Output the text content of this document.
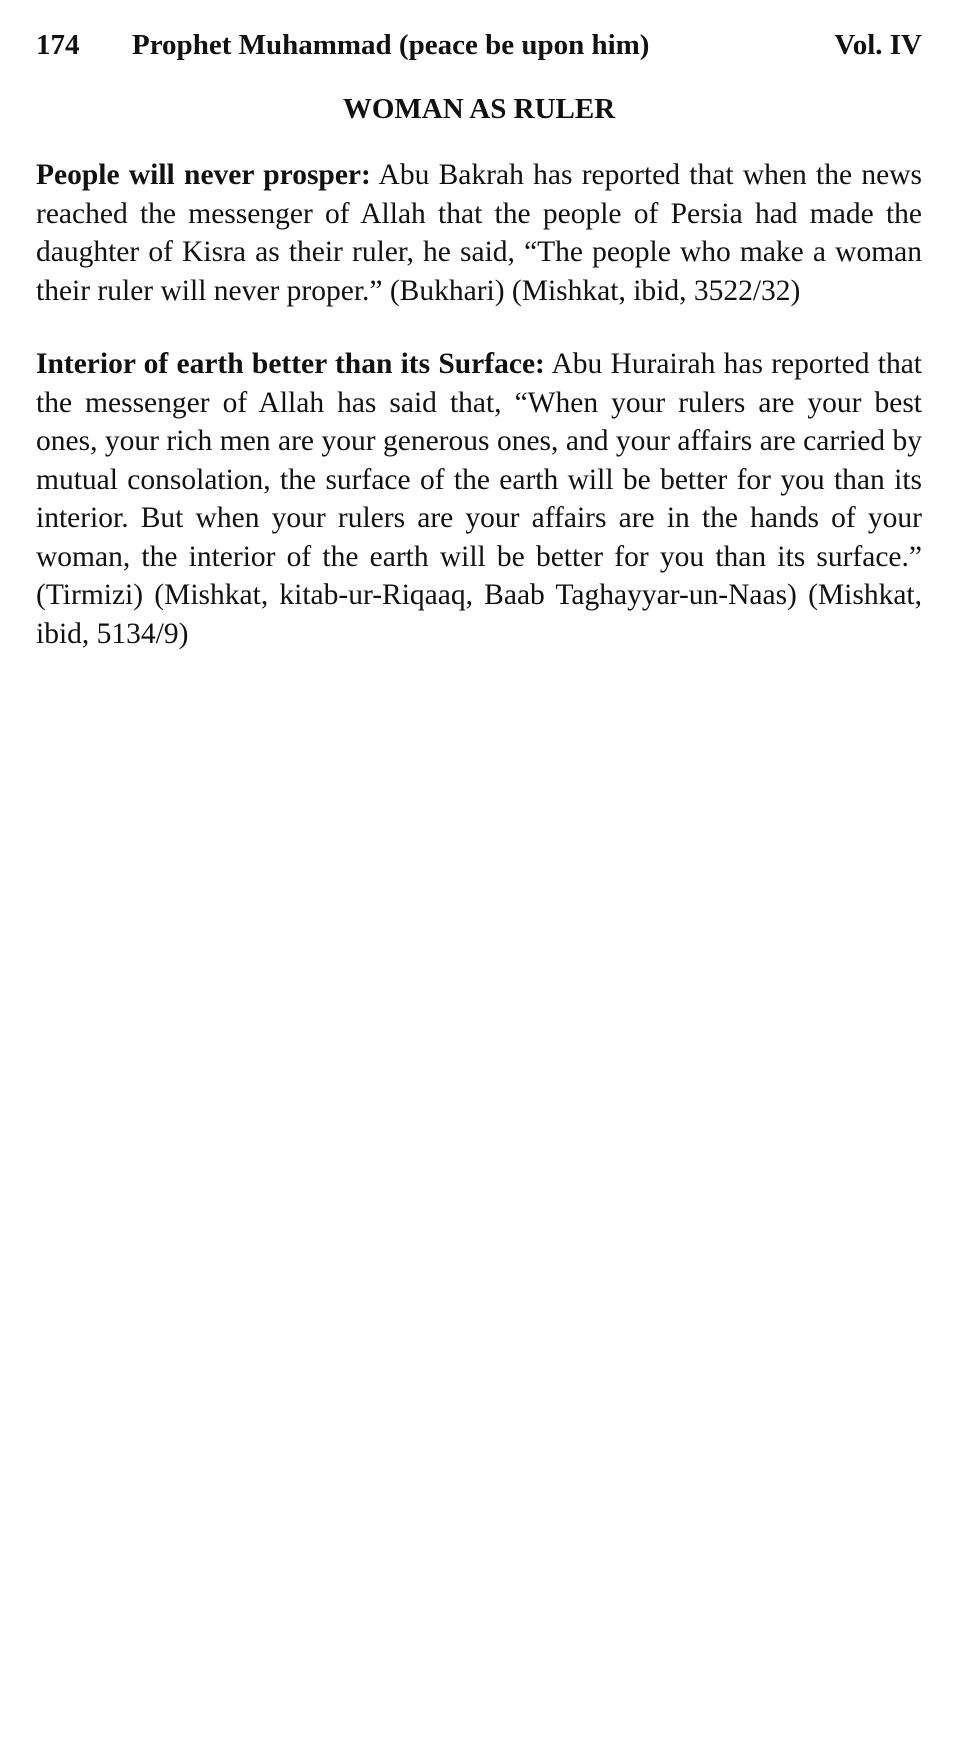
174	Prophet Muhammad (peace be upon him)	Vol. IV
WOMAN AS RULER

People will never prosper: Abu Bakrah has reported that when the news reached the messenger of Allah that the people of Persia had made the daughter of Kisra as their ruler, he said, “The people who make a woman their ruler will never proper.” (Bukhari) (Mishkat, ibid, 3522/32)

Interior of earth better than its Surface: Abu Hurairah has reported that the messenger of Allah has said that, “When your rulers are your best ones, your rich men are your generous ones, and your affairs are carried by mutual consolation, the surface of the earth will be better for you than its interior. But when your rulers are your affairs are in the hands of your woman, the interior of the earth will be better for you than its surface.” (Tirmizi) (Mishkat, kitab-ur-Riqaaq, Baab Taghayyar-un-Naas) (Mishkat, ibid, 5134/9)
